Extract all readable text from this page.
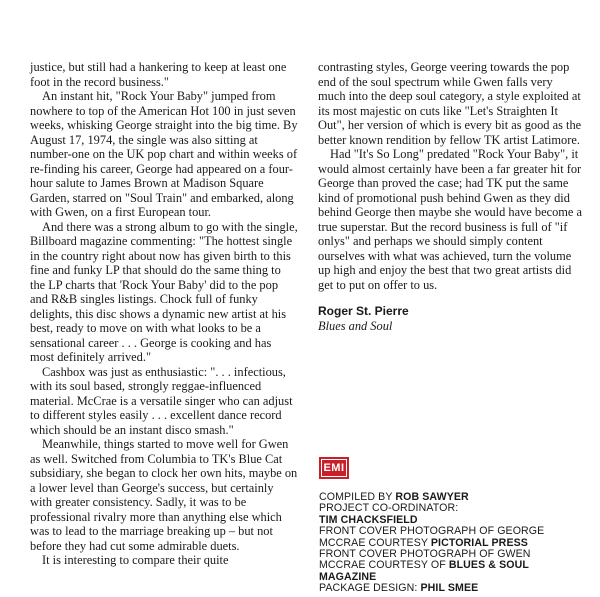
justice, but still had a hankering to keep at least one foot in the record business."

An instant hit, "Rock Your Baby" jumped from nowhere to top of the American Hot 100 in just seven weeks, whisking George straight into the big time. By August 17, 1974, the single was also sitting at number-one on the UK pop chart and within weeks of re-finding his career, George had appeared on a four-hour salute to James Brown at Madison Square Garden, starred on "Soul Train" and embarked, along with Gwen, on a first European tour.

And there was a strong album to go with the single, Billboard magazine commenting: "The hottest single in the country right about now has given birth to this fine and funky LP that should do the same thing to the LP charts that 'Rock Your Baby' did to the pop and R&B singles listings. Chock full of funky delights, this disc shows a dynamic new artist at his best, ready to move on with what looks to be a sensational career . . . George is cooking and has most definitely arrived."

Cashbox was just as enthusiastic: ". . . infectious, with its soul based, strongly reggae-influenced material. McCrae is a versatile singer who can adjust to different styles easily . . . excellent dance record which should be an instant disco smash."

Meanwhile, things started to move well for Gwen as well. Switched from Columbia to TK's Blue Cat subsidiary, she began to clock her own hits, maybe on a lower level than George's success, but certainly with greater consistency. Sadly, it was to be professional rivalry more than anything else which was to lead to the marriage breaking up – but not before they had cut some admirable duets.

It is interesting to compare their quite

contrasting styles, George veering towards the pop end of the soul spectrum while Gwen falls very much into the deep soul category, a style exploited at its most majestic on cuts like "Let's Straighten It Out", her version of which is every bit as good as the better known rendition by fellow TK artist Latimore.

Had "It's So Long" predated "Rock Your Baby", it would almost certainly have been a far greater hit for George than proved the case; had TK put the same kind of promotional push behind Gwen as they did behind George then maybe she would have become a true superstar. But the record business is full of "if onlys" and perhaps we should simply content ourselves with what was achieved, turn the volume up high and enjoy the best that two great artists did get to put on offer to us.

Roger St. Pierre
Blues and Soul
EMI
COMPILED BY ROB SAWYER
PROJECT CO-ORDINATOR:
TIM CHACKSFIELD
FRONT COVER PHOTOGRAPH OF GEORGE
MCCRAE COURTESY PICTORIAL PRESS
FRONT COVER PHOTOGRAPH OF GWEN
MCCRAE COURTESY OF BLUES & SOUL
MAGAZINE
PACKAGE DESIGN: PHIL SMEE
